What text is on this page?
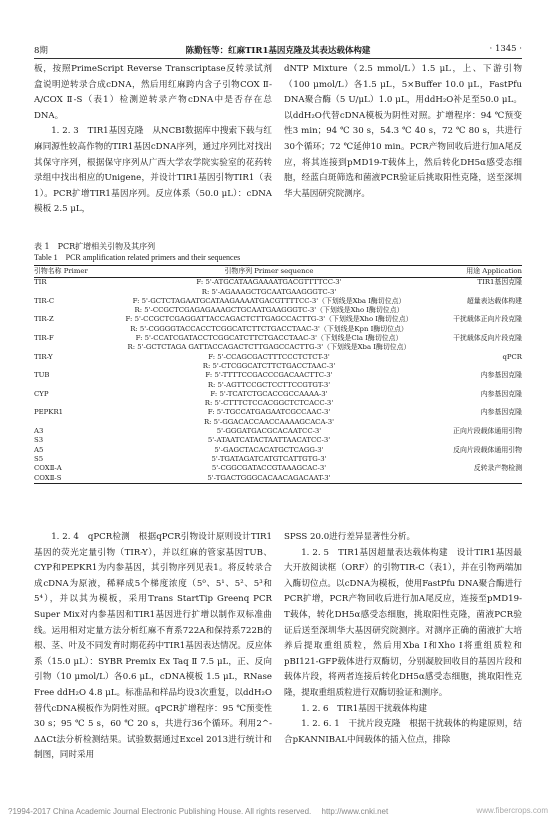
8期	陈勤钰等：红麻TIR1基因克隆及其表达载体构建	· 1345 ·

板，按照PrimeScript Reverse Transcriptase反转录试剂盒说明逆转录合成cDNA，然后用红麻跨内含子引物COX Ⅱ-A/COX Ⅱ-S（表1）检测逆转录产物cDNA中是否存在总DNA。

1. 2. 3　TIR1基因克隆　从NCBI数据库中搜索下载与红麻同源性较高作物的TIR1基因cDNA序列，通过序列比对找出其保守序列，根据保守序列从广西大学农学院实验室的花药转录组中找出相应的Unigene，并设计TIR1基因引物TIR1（表1）。PCR扩增TIR1基因序列。反应体系（50.0 μL）：cDNA模板 2.5 μL，

dNTP Mixture（2.5 mmol/L）1.5 μL，上、下游引物（100 μmol/L）各1.5 μL，5×Buffer 10.0 μL，FastPfu DNA聚合酶（5 U/μL）1.0 μL，用ddH₂O补足至50.0 μL。以ddH₂O代替cDNA模板为阴性对照。扩增程序：94 ℃预变性3 min；94 ℃ 30 s，54.3 ℃ 40 s，72 ℃ 80 s，共进行30个循环；72 ℃延伸10 min。PCR产物回收后进行加A尾反应，将其连接到pMD19-T载体上，然后转化DH5α感受态细胞，经蓝白斑筛选和菌液PCR验证后挑取阳性克隆，送至深圳华大基因研究院测序。

表 1　PCR扩增相关引物及其序列
Table 1　PCR amplification related primers and their sequences
引物名称 Primer	引物序列 Primer sequence	用途 Application
TIR	F: 5'-ATGCATAAGAAAATGACGTTTTCC-3'	TIR1基因克隆
	R: 5'-AGAAAGCTGCAATGAAGGGTC-3'	
TIR-C	F: 5'-GCTCTAGAATGCATAAGAAAATGACGTTTTCC-3'（下划线是Xba I酶切位点）	超量表达载体构建
	R: 5'-CCGCTCGAGAGAAAGCTGCAATGAAGGGTC-3'（下划线是Xho I酶切位点）	
TIR-Z	F: 5'-CCGCTCGAGGATTACCAGACTCTTGAGCCACTTG-3'（下划线是Xho I酶切位点）	干扰载体正向片段克隆
	R: 5'-CGGGGTACCACCTCGGCATCTTCTGACCTAAC-3'（下划线是Kpn I酶切位点）	
TIR-F	F: 5'-CCATCGATACCTCGGCATCTTCTGACCTAAC-3'（下划线是Cla I酶切位点）	干扰载体反向片段克隆
	R: 5'-GCTCTAGA GATTACCAGACTCTTGAGCCACTTG-3'（下划线是Xba I酶切位点）	
TIR-Y	F: 5'-CCAGCGACTTTCCCTCTCT-3'	qPCR
	R: 5'-CTCGGCATCTTCTGACCTAAC-3'	
TUB	F: 5'-TTTTCCGACCCGACAACTTC-3'	内参基因克隆
	R: 5'-AGTTCCGCTCCTTCCGTGT-3'	
CYP	F: 5'-TCATCTGCACCGCCAAAA-3'	内参基因克隆
	R: 5'-CTTTCTCCACGGCTCTCACC-3'	
PEPKR1	F: 5'-TGCCATGAGAATCGCCAAC-3'	内参基因克隆
	R: 5'-GGACACCAACCAAAAGCACA-3'	
A3	5'-GGGATGACGCACAATCC-3'	正向片段载体通用引物
S3	5'-ATAATCATACTAATTAACATCC-3'	
A5	5'-GAGCTACACATGCTCAGG-3'	反向片段载体通用引物
S5	5'-TGATAGATCATGTCATTGTG-3'	
COXⅡ-A	5'-CGGCGATACCGTAAAGCAC-3'	反转录产物检测
COXⅡ-S	5'-TGACTGGGCACAACAGACAAT-3'	

1. 2. 4　qPCR检测　根据qPCR引物设计原则设计TIR1基因的荧光定量引物（TIR-Y），并以红麻的管家基因TUB、CYP和PEPKR1为内参基因，其引物序列见表1。将反转录合成cDNA为原液，稀释成5个梯度浓度（5⁰、5¹、5²、5³和5⁴），并以其为模板，采用Trans StartTip Greenq PCR Super Mix对内参基因和TIR1基因进行扩增以制作双标准曲线。运用相对定量方法分析红麻不育系722A和保持系722B的根、茎、叶及不同发育时期花药中TIR1基因表达情况。反应体系（15.0 μL）：SYBR Premix Ex Taq Ⅱ 7.5 μL，正、反向引物（10 μmol/L）各0.6 μL，cDNA模板 1.5 μL，RNase Free ddH₂O 4.8 μL。标准品和样品均设3次重复，以ddH₂O替代cDNA模板作为阴性对照。qPCR扩增程序：95 ℃预变性30 s；95 ℃ 5 s，60 ℃ 20 s，共进行36个循环。利用2^-ΔΔCt法分析检测结果。试验数据通过Excel 2013进行统计和制图，同时采用

SPSS 20.0进行差异显著性分析。

1. 2. 5　TIR1基因超量表达载体构建　设计TIR1基因最大开放阅读框（ORF）的引物TIR-C（表1），并在引物两端加入酶切位点。以cDNA为模板，使用FastPfu DNA聚合酶进行PCR扩增，PCR产物回收后进行加A尾反应，连接至pMD19-T载体，转化DH5α感受态细胞，挑取阳性克隆，菌液PCR验证后送至深圳华大基因研究院测序。对测序正确的菌液扩大培养后提取重组质粒，然后用Xba I和Xho I将重组质粒和pBI121-GFP载体进行双酶切，分别凝胶回收目的基因片段和载体片段，将两者连接后转化DH5α感受态细胞，挑取阳性克隆，提取重组质粒进行双酶切验证和测序。

1. 2. 6　TIR1基因干扰载体构建

1. 2. 6. 1　干扰片段克隆　根据干扰载体的构建原则，结合pKANNIBAL中间载体的插入位点，排除

?1994-2017 China Academic Journal Electronic Publishing House. All rights reserved.　 http://www.cnki.net	www.fibercrops.com
